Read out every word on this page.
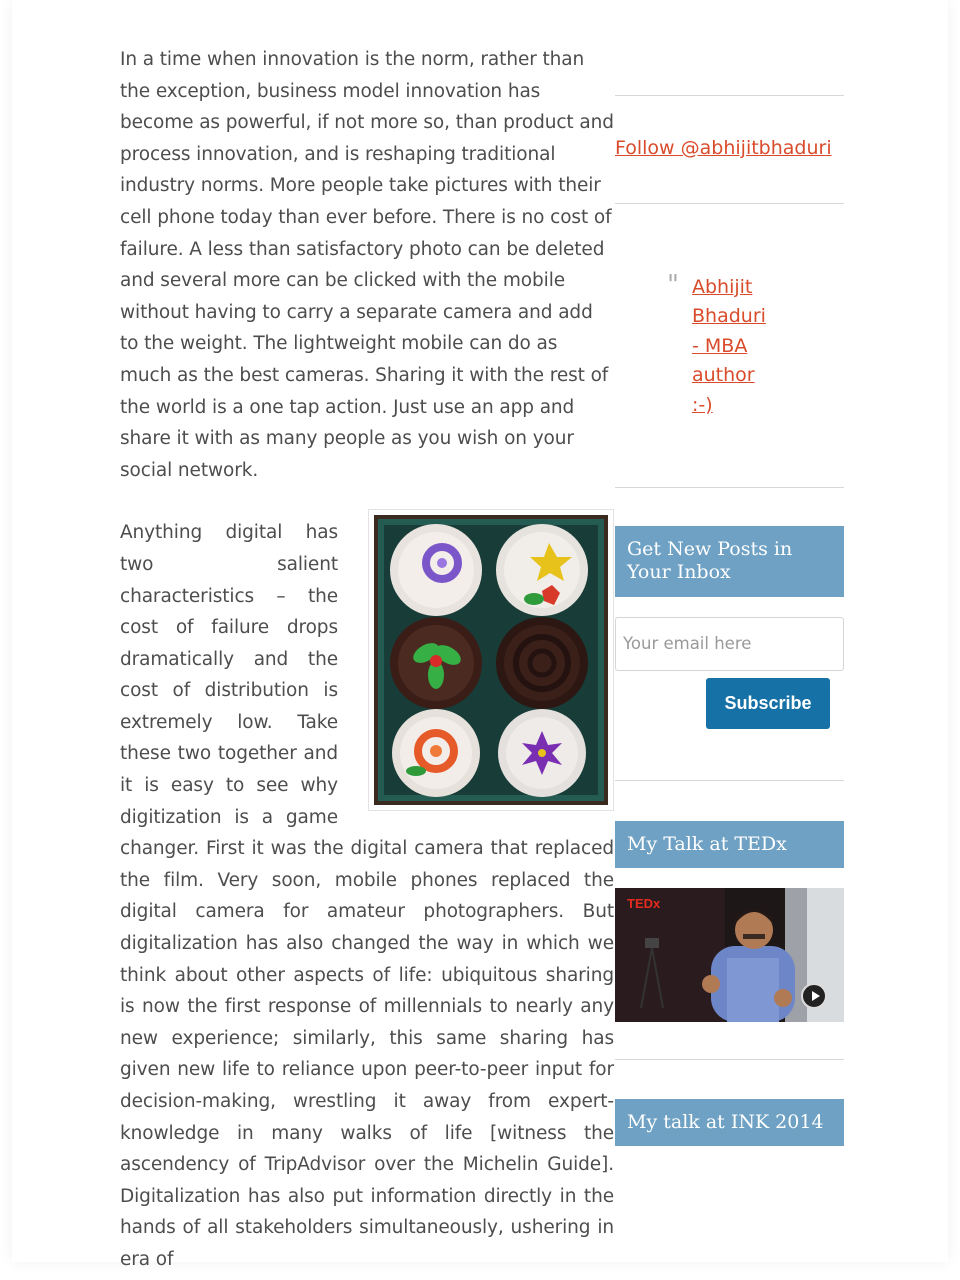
In a time when innovation is the norm, rather than the exception, business model innovation has become as powerful, if not more so, than product and process innovation, and is reshaping traditional industry norms. More people take pictures with their cell phone today than ever before. There is no cost of failure. A less than satisfactory photo can be deleted and several more can be clicked with the mobile without having to carry a separate camera and add to the weight. The lightweight mobile can do as much as the best cameras. Sharing it with the rest of the world is a one tap action. Just use an app and share it with as many people as you wish on your social network.

Anything digital has two salient characteristics – the cost of failure drops dramatically and the cost of distribution is extremely low. Take these two together and it is easy to see why digitization is a game changer. First it was the digital camera that replaced the film. Very soon, mobile phones replaced the digital camera for amateur photographers. But digitalization has also changed the way in which we think about other aspects of life: ubiquitous sharing is now the first response of millennials to nearly any new experience; similarly, this same sharing has given new life to reliance upon peer-to-peer input for decision-making, wrestling it away from expert-knowledge in many walks of life [witness the ascendency of TripAdvisor over the Michelin Guide]. Digitalization has also put information directly in the hands of all stakeholders simultaneously, ushering in era of

Follow @abhijitbhaduri
" Abhijit
Bhaduri
- MBA
author
:-)
Get New Posts in Your Inbox
Your email here
Subscribe
My Talk at TEDx
TEDx
My talk at INK 2014
